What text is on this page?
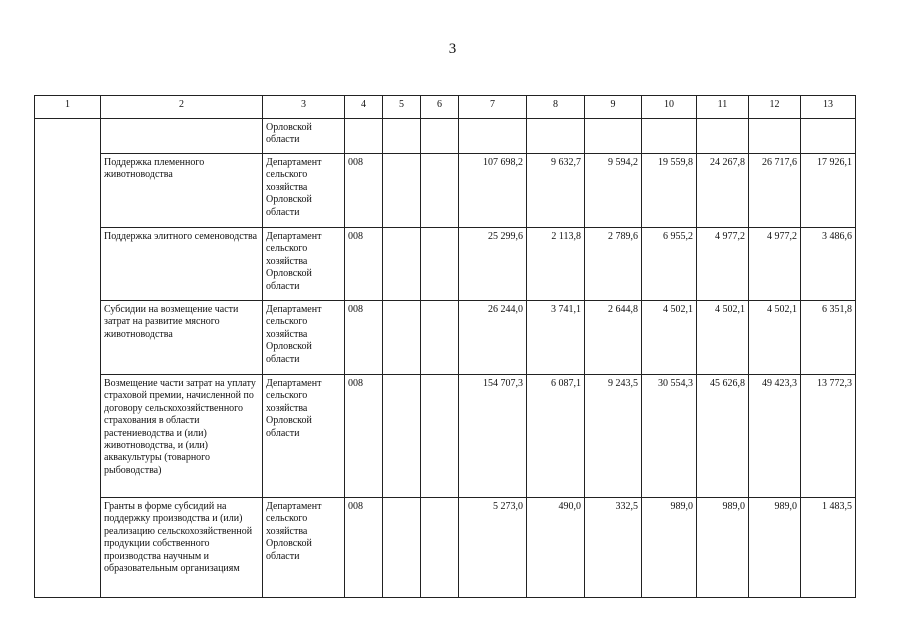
3
1	2	3	4	5	6	7	8	9	10	11	12	13
		Орловской области										
	Поддержка племенного животноводства	Департамент сельского хозяйства Орловской области	008			107 698,2	9 632,7	9 594,2	19 559,8	24 267,8	26 717,6	17 926,1
	Поддержка элитного семеноводства	Департамент сельского хозяйства Орловской области	008			25 299,6	2 113,8	2 789,6	6 955,2	4 977,2	4 977,2	3 486,6
	Субсидии на возмещение части затрат на развитие мясного животноводства	Департамент сельского хозяйства Орловской области	008			26 244,0	3 741,1	2 644,8	4 502,1	4 502,1	4 502,1	6 351,8
	Возмещение части затрат на уплату страховой премии, начисленной по договору сельскохозяйственного страхования в области растениеводства и (или) животноводства, и (или) аквакультуры (товарного рыбоводства)	Департамент сельского хозяйства Орловской области	008			154 707,3	6 087,1	9 243,5	30 554,3	45 626,8	49 423,3	13 772,3
	Гранты в форме субсидий на поддержку производства и (или) реализацию сельскохозяйственной продукции собственного производства научным и образовательным организациям	Департамент сельского хозяйства Орловской области	008			5 273,0	490,0	332,5	989,0	989,0	989,0	1 483,5
